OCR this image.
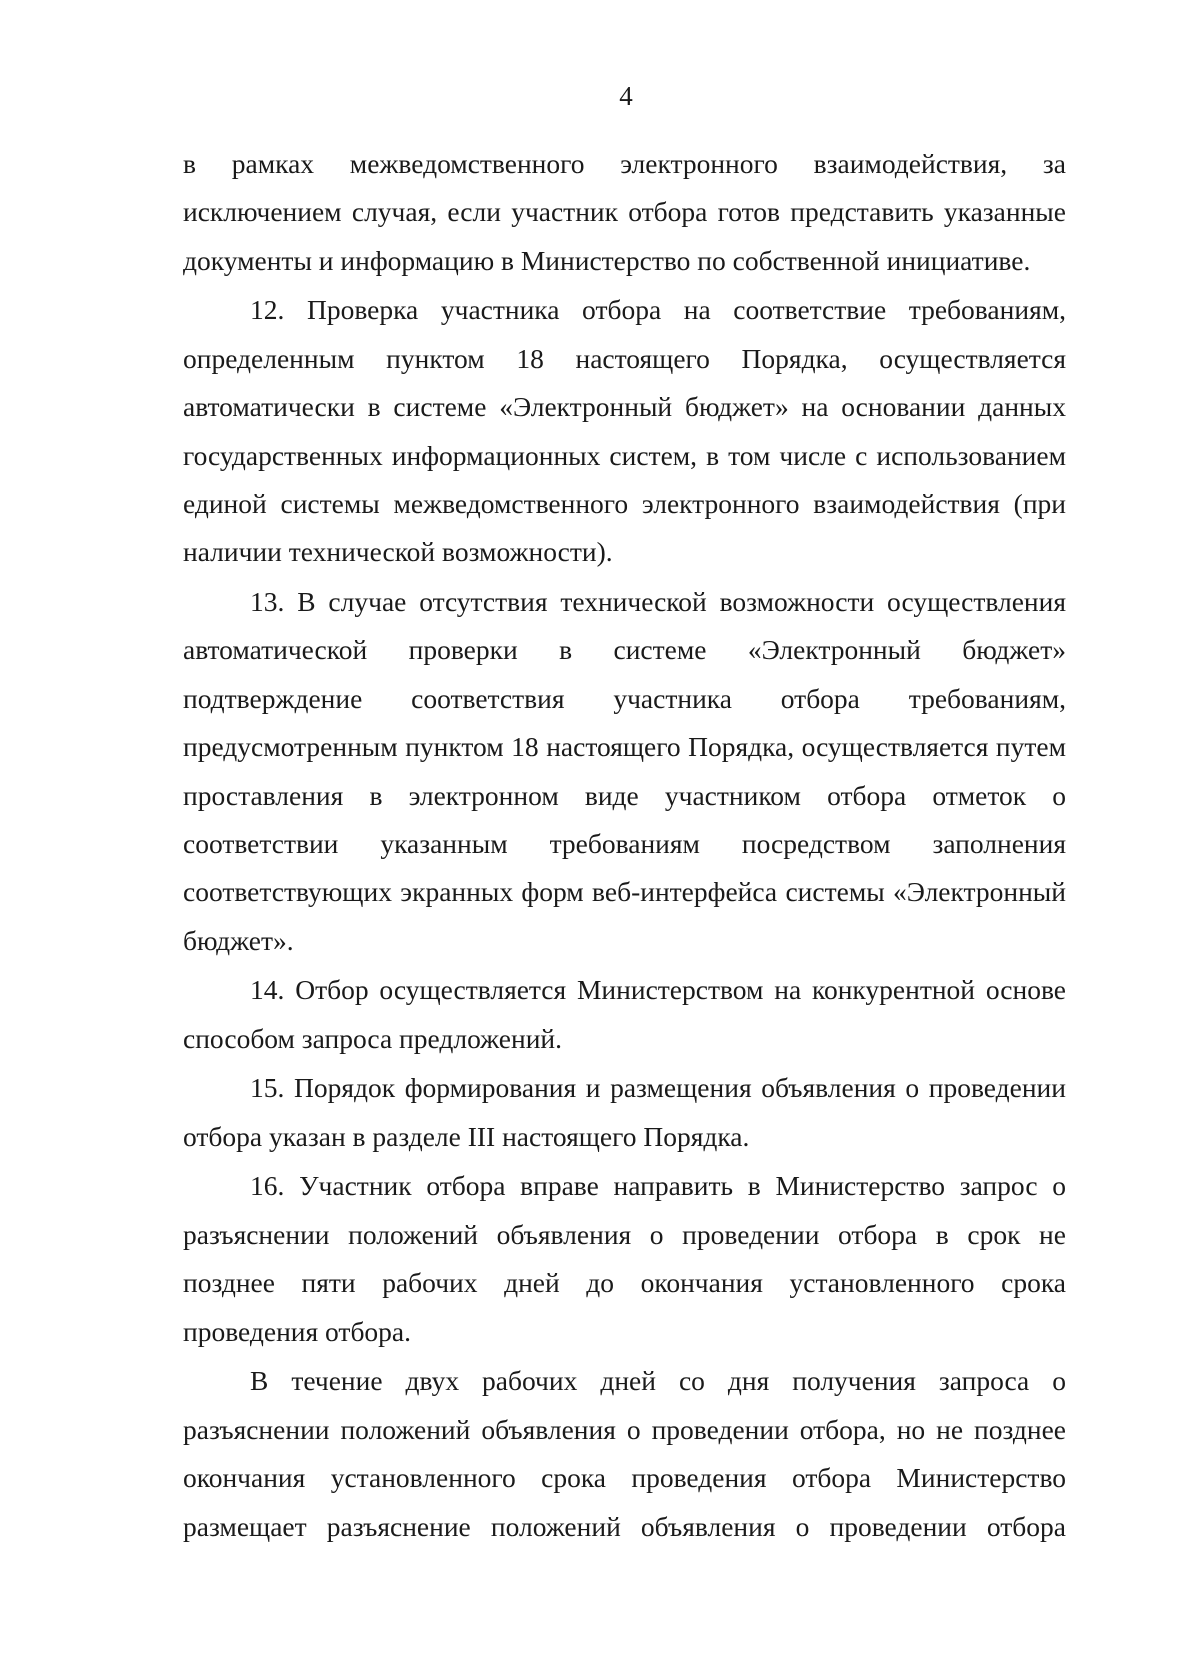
4

в рамках межведомственного электронного взаимодействия, за исключением случая, если участник отбора готов представить указанные документы и информацию в Министерство по собственной инициативе.

12. Проверка участника отбора на соответствие требованиям, определенным пунктом 18 настоящего Порядка, осуществляется автоматически в системе «Электронный бюджет» на основании данных государственных информационных систем, в том числе с использованием единой системы межведомственного электронного взаимодействия (при наличии технической возможности).

13. В случае отсутствия технической возможности осуществления автоматической проверки в системе «Электронный бюджет» подтверждение соответствия участника отбора требованиям, предусмотренным пунктом 18 настоящего Порядка, осуществляется путем проставления в электронном виде участником отбора отметок о соответствии указанным требованиям посредством заполнения соответствующих экранных форм веб-интерфейса системы «Электронный бюджет».

14. Отбор осуществляется Министерством на конкурентной основе способом запроса предложений.

15. Порядок формирования и размещения объявления о проведении отбора указан в разделе III настоящего Порядка.

16. Участник отбора вправе направить в Министерство запрос о разъяснении положений объявления о проведении отбора в срок не позднее пяти рабочих дней до окончания установленного срока проведения отбора.

В течение двух рабочих дней со дня получения запроса о разъяснении положений объявления о проведении отбора, но не позднее окончания установленного срока проведения отбора Министерство размещает разъяснение положений объявления о проведении отбора
